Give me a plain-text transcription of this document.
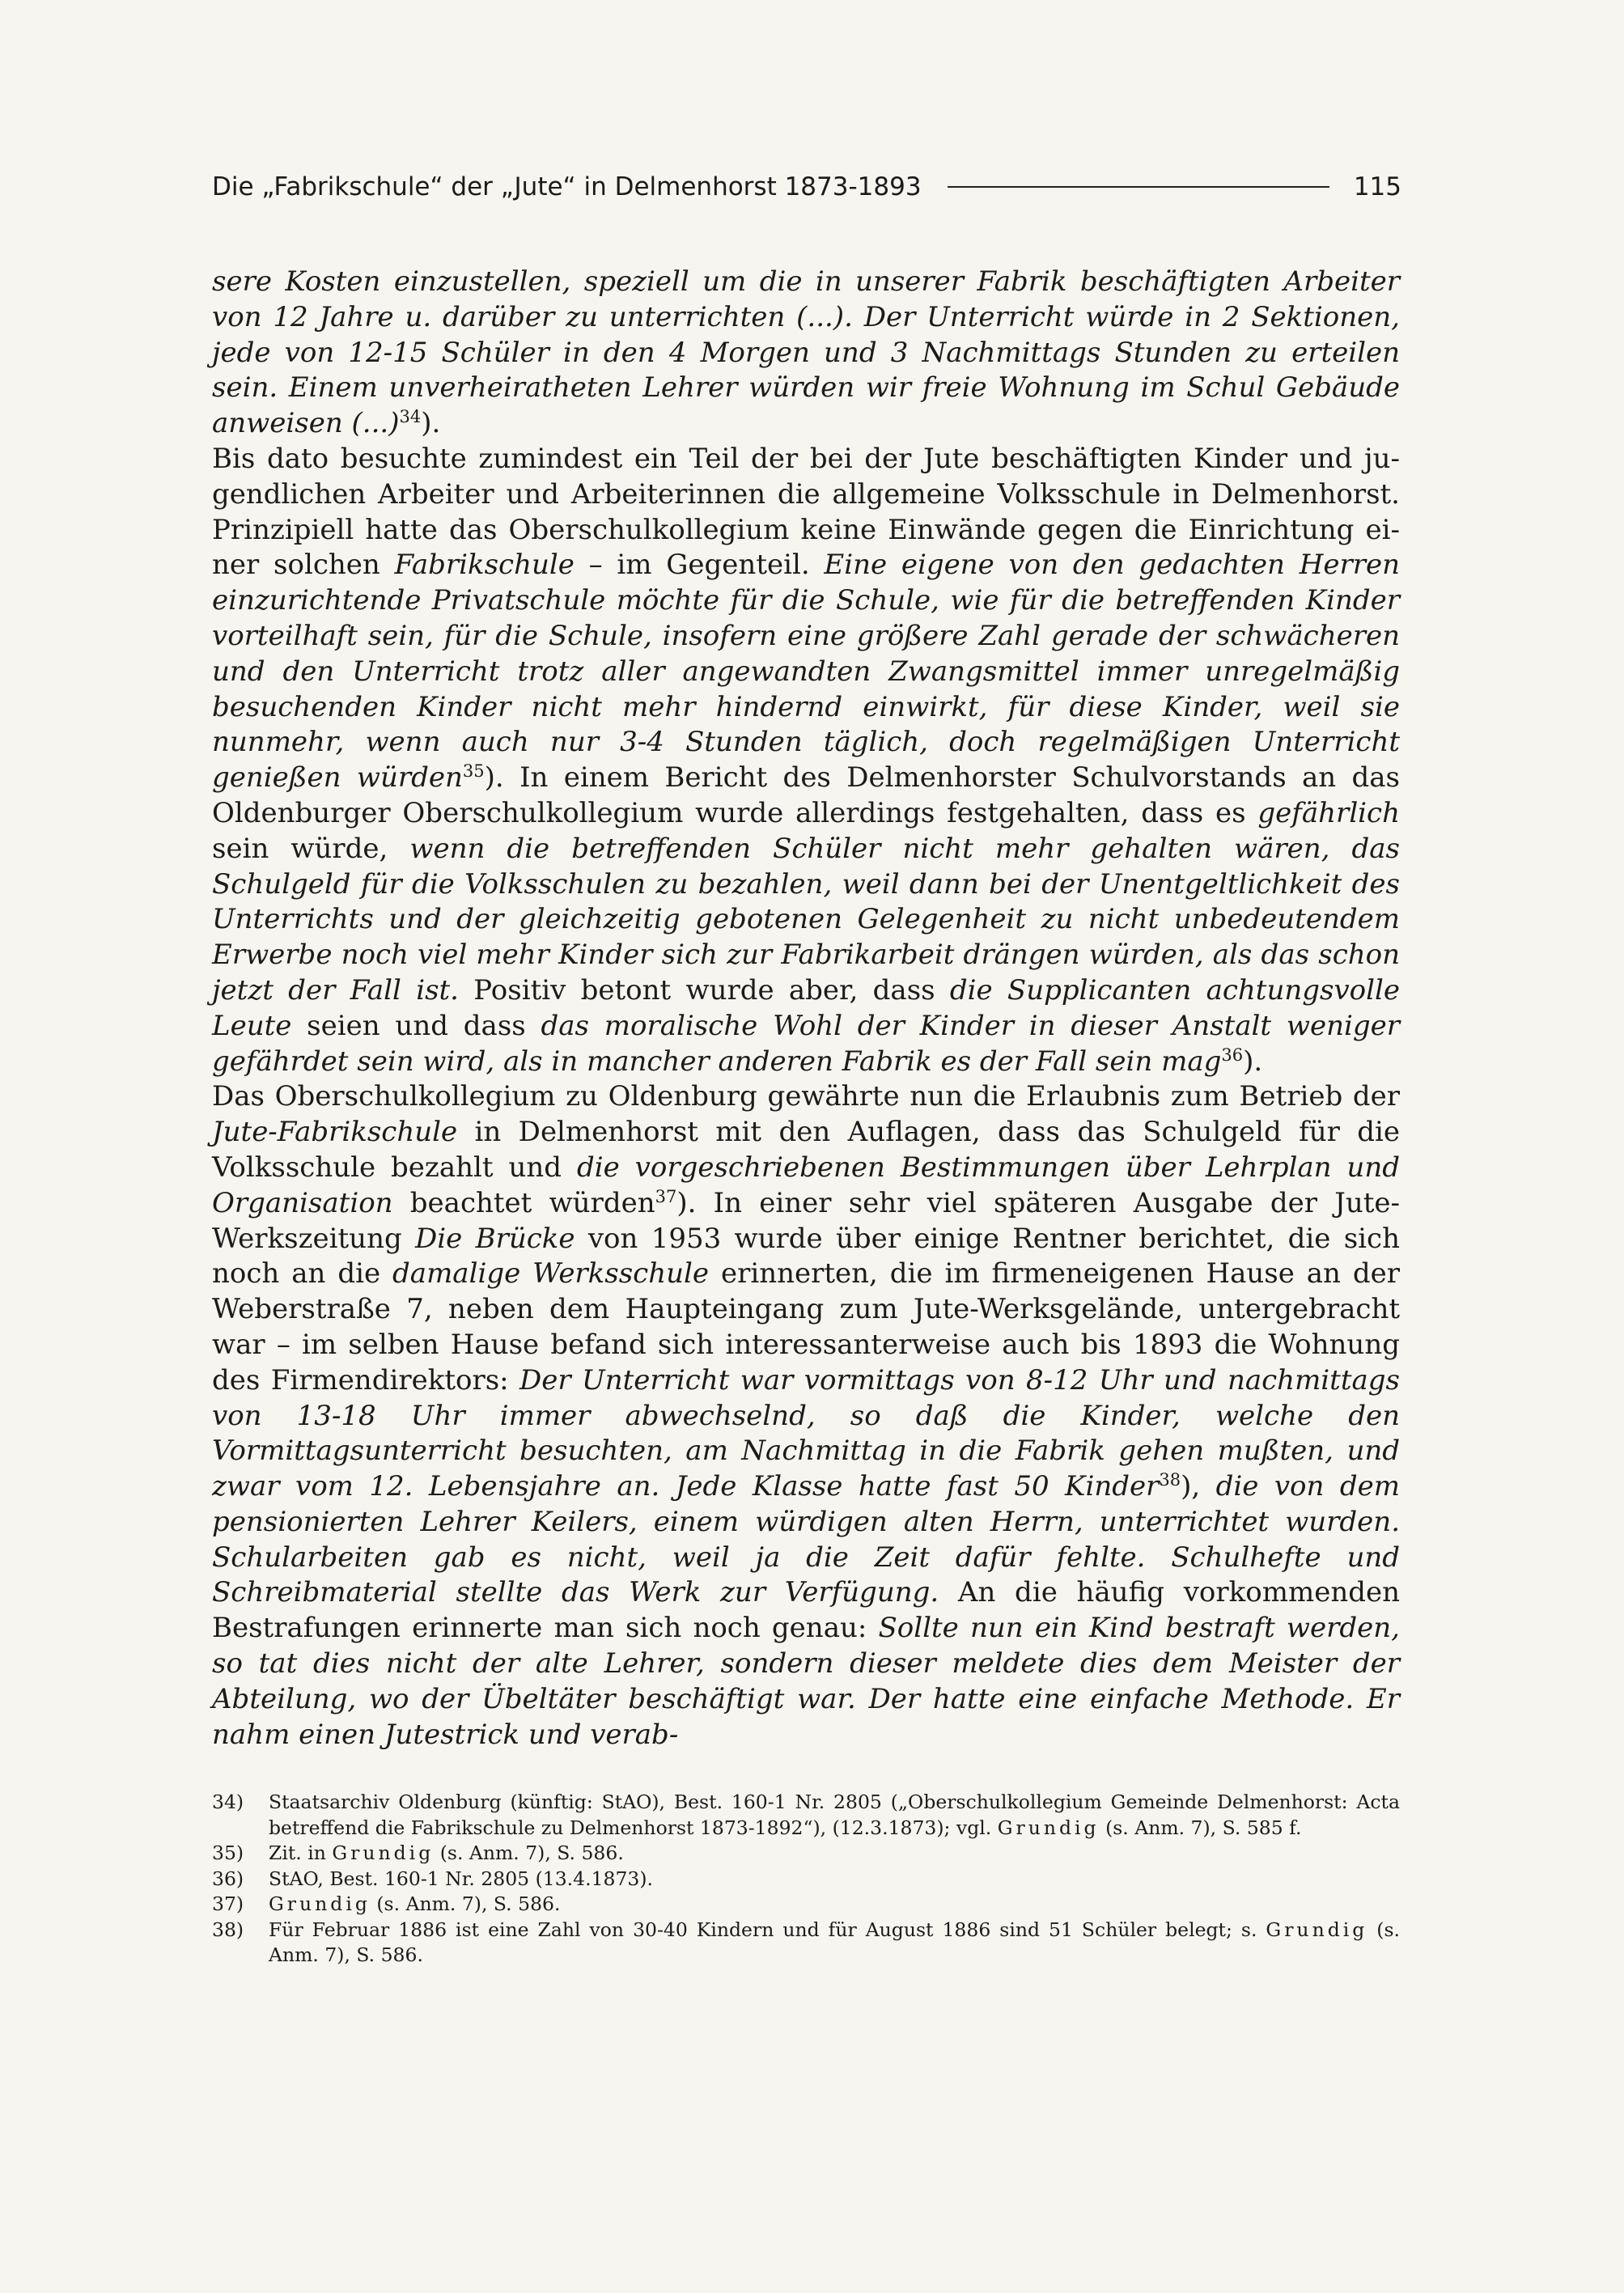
Die „Fabrikschule“ der „Jute“ in Delmenhorst 1873-1893	115

sere Kosten einzustellen, speziell um die in unserer Fabrik beschäftigten Arbeiter von 12 Jahre u. darüber zu unterrichten (...). Der Unterricht würde in 2 Sektionen, jede von 12-15 Schüler in den 4 Morgen und 3 Nachmittags Stunden zu erteilen sein. Einem unverheiratheten Lehrer würden wir freie Wohnung im Schul Gebäude anweisen (...)$^{34}$).

Bis dato besuchte zumindest ein Teil der bei der Jute beschäftigten Kinder und jugendlichen Arbeiter und Arbeiterinnen die allgemeine Volksschule in Delmenhorst. Prinzipiell hatte das Oberschulkollegium keine Einwände gegen die Einrichtung einer solchen Fabrikschule – im Gegenteil. Eine eigene von den gedachten Herren einzurichtende Privatschule möchte für die Schule, wie für die betreffenden Kinder vorteilhaft sein, für die Schule, insofern eine größere Zahl gerade der schwächeren und den Unterricht trotz aller angewandten Zwangsmittel immer unregelmäßig besuchenden Kinder nicht mehr hindernd einwirkt, für diese Kinder, weil sie nunmehr, wenn auch nur 3-4 Stunden täglich, doch regelmäßigen Unterricht genießen würden$^{35}$). In einem Bericht des Delmenhorster Schulvorstands an das Oldenburger Oberschulkollegium wurde allerdings festgehalten, dass es gefährlich sein würde, wenn die betreffenden Schüler nicht mehr gehalten wären, das Schulgeld für die Volksschulen zu bezahlen, weil dann bei der Unentgeltlichkeit des Unterrichts und der gleichzeitig gebotenen Gelegenheit zu nicht unbedeutendem Erwerbe noch viel mehr Kinder sich zur Fabrikarbeit drängen würden, als das schon jetzt der Fall ist. Positiv betont wurde aber, dass die Supplicanten achtungsvolle Leute seien und dass das moralische Wohl der Kinder in dieser Anstalt weniger gefährdet sein wird, als in mancher anderen Fabrik es der Fall sein mag$^{36}$).

Das Oberschulkollegium zu Oldenburg gewährte nun die Erlaubnis zum Betrieb der Jute-Fabrikschule in Delmenhorst mit den Auflagen, dass das Schulgeld für die Volksschule bezahlt und die vorgeschriebenen Bestimmungen über Lehrplan und Organisation beachtet würden$^{37}$). In einer sehr viel späteren Ausgabe der Jute-Werkszeitung Die Brücke von 1953 wurde über einige Rentner berichtet, die sich noch an die damalige Werksschule erinnerten, die im firmeneigenen Hause an der Weberstraße 7, neben dem Haupteingang zum Jute-Werksgelände, untergebracht war – im selben Hause befand sich interessanterweise auch bis 1893 die Wohnung des Firmendirektors: Der Unterricht war vormittags von 8-12 Uhr und nachmittags von 13-18 Uhr immer abwechselnd, so daß die Kinder, welche den Vormittagsunterricht besuchten, am Nachmittag in die Fabrik gehen mußten, und zwar vom 12. Lebensjahre an. Jede Klasse hatte fast 50 Kinder$^{38}$), die von dem pensionierten Lehrer Keilers, einem würdigen alten Herrn, unterrichtet wurden. Schularbeiten gab es nicht, weil ja die Zeit dafür fehlte. Schulhefte und Schreibmaterial stellte das Werk zur Verfügung. An die häufig vorkommenden Bestrafungen erinnerte man sich noch genau: Sollte nun ein Kind bestraft werden, so tat dies nicht der alte Lehrer, sondern dieser meldete dies dem Meister der Abteilung, wo der Übeltäter beschäftigt war. Der hatte eine einfache Methode. Er nahm einen Jutestrick und verab-

34)	Staatsarchiv Oldenburg (künftig: StAO), Best. 160-1 Nr. 2805 („Oberschulkollegium Gemeinde Delmenhorst: Acta betreffend die Fabrikschule zu Delmenhorst 1873-1892“), (12.3.1873); vgl. Grundig (s. Anm. 7), S. 585 f.
35)	Zit. in Grundig (s. Anm. 7), S. 586.
36)	StAO, Best. 160-1 Nr. 2805 (13.4.1873).
37)	Grundig (s. Anm. 7), S. 586.
38)	Für Februar 1886 ist eine Zahl von 30-40 Kindern und für August 1886 sind 51 Schüler belegt; s. Grundig (s. Anm. 7), S. 586.
